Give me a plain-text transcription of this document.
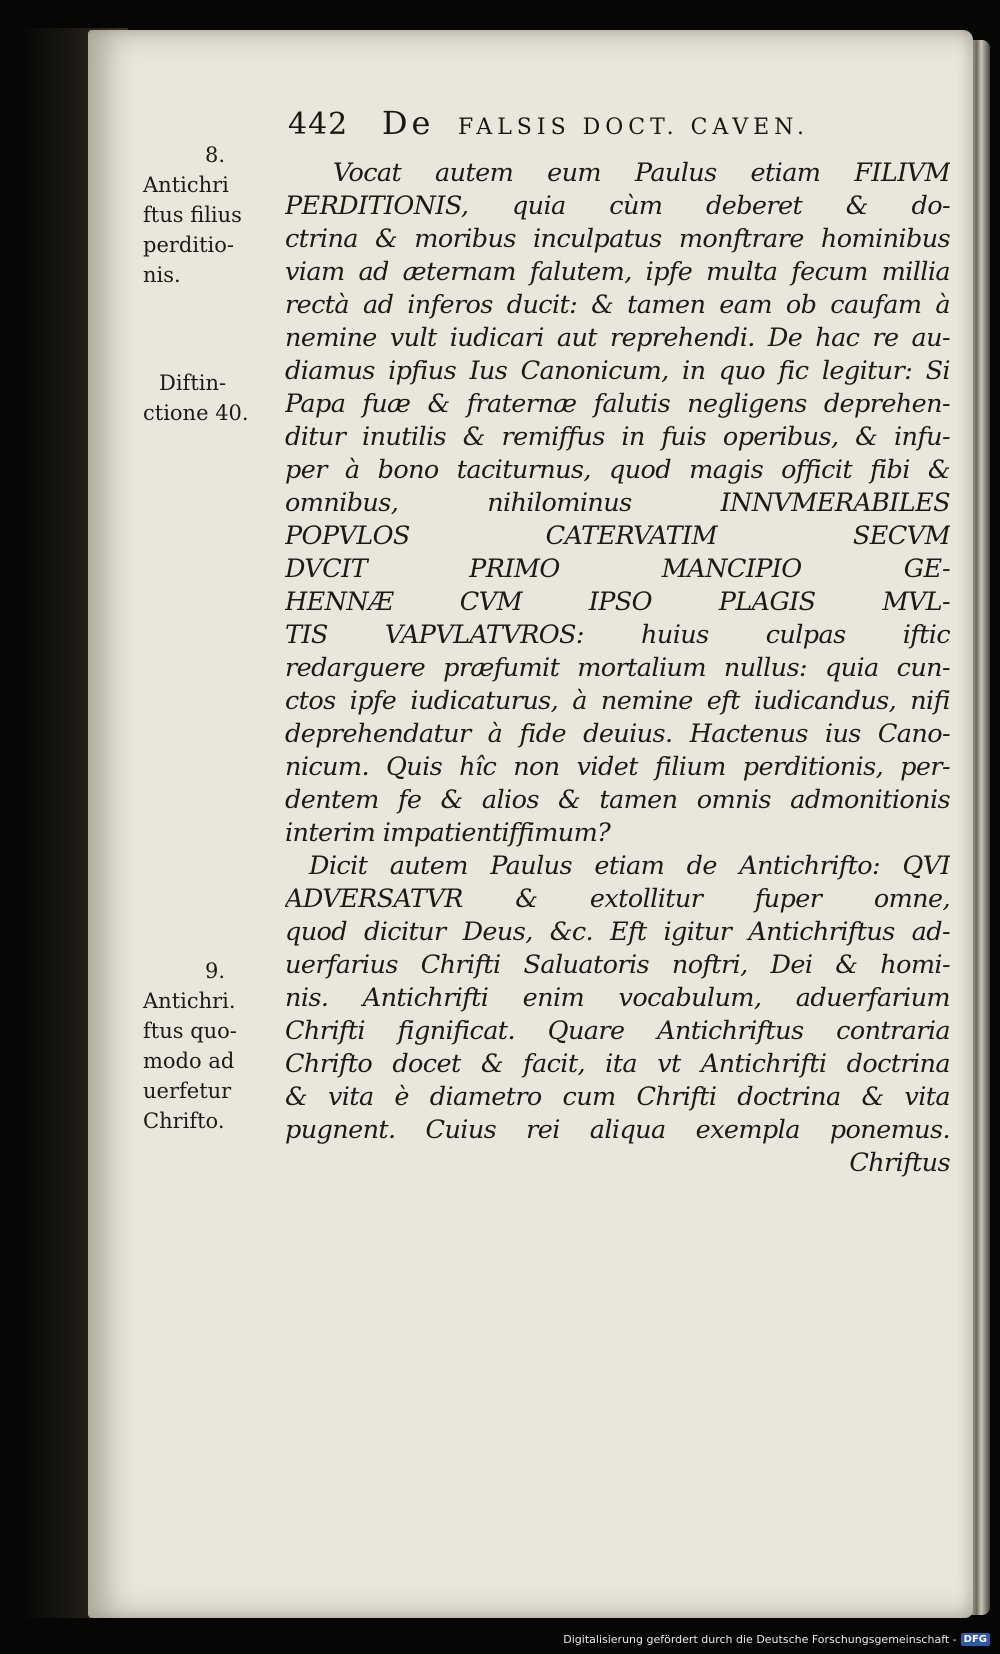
442 De FALSIS DOCT. CAVEN.
8.
Antichri
ftus filius
perditio-
nis.
Diftin-
ctione 40.
9.
Antichri.
ftus quo-
modo ad
uerfetur
Chrifto.
Vocat autem eum Paulus etiam FILIVM
PERDITIONIS, quia cùm deberet & do-
ctrina & moribus inculpatus monftrare hominibus
viam ad æternam falutem, ipfe multa fecum millia
rectà ad inferos ducit: & tamen eam ob caufam à
nemine vult iudicari aut reprehendi. De hac re au-
diamus ipfius Ius Canonicum, in quo fic legitur: Si
Papa fuæ & fraternæ falutis negligens deprehen-
ditur inutilis & remiffus in fuis operibus, & infu-
per à bono taciturnus, quod magis officit fibi &
omnibus, nihilominus INNVMERABILES
POPVLOS CATERVATIM SECVM
DVCIT PRIMO MANCIPIO GE-
HENNÆ CVM IPSO PLAGIS MVL-
TIS VAPVLATVROS: huius culpas iftic
redarguere præfumit mortalium nullus: quia cun-
ctos ipfe iudicaturus, à nemine eft iudicandus, nifi
deprehendatur à fide deuius. Hactenus ius Cano-
nicum. Quis hîc non videt filium perditionis, per-
dentem fe & alios & tamen omnis admonitionis
interim impatientiffimum?
Dicit autem Paulus etiam de Antichrifto: QVI
ADVERSATVR & extollitur fuper omne,
quod dicitur Deus, &c. Eft igitur Antichriftus ad-
uerfarius Chrifti Saluatoris noftri, Dei & homi-
nis. Antichrifti enim vocabulum, aduerfarium
Chrifti fignificat. Quare Antichriftus contraria
Chrifto docet & facit, ita vt Antichrifti doctrina
& vita è diametro cum Chrifti doctrina & vita
pugnent. Cuius rei aliqua exempla ponemus.
Chriftus
Digitalisierung gefördert durch die Deutsche Forschungsgemeinschaft - DFG
